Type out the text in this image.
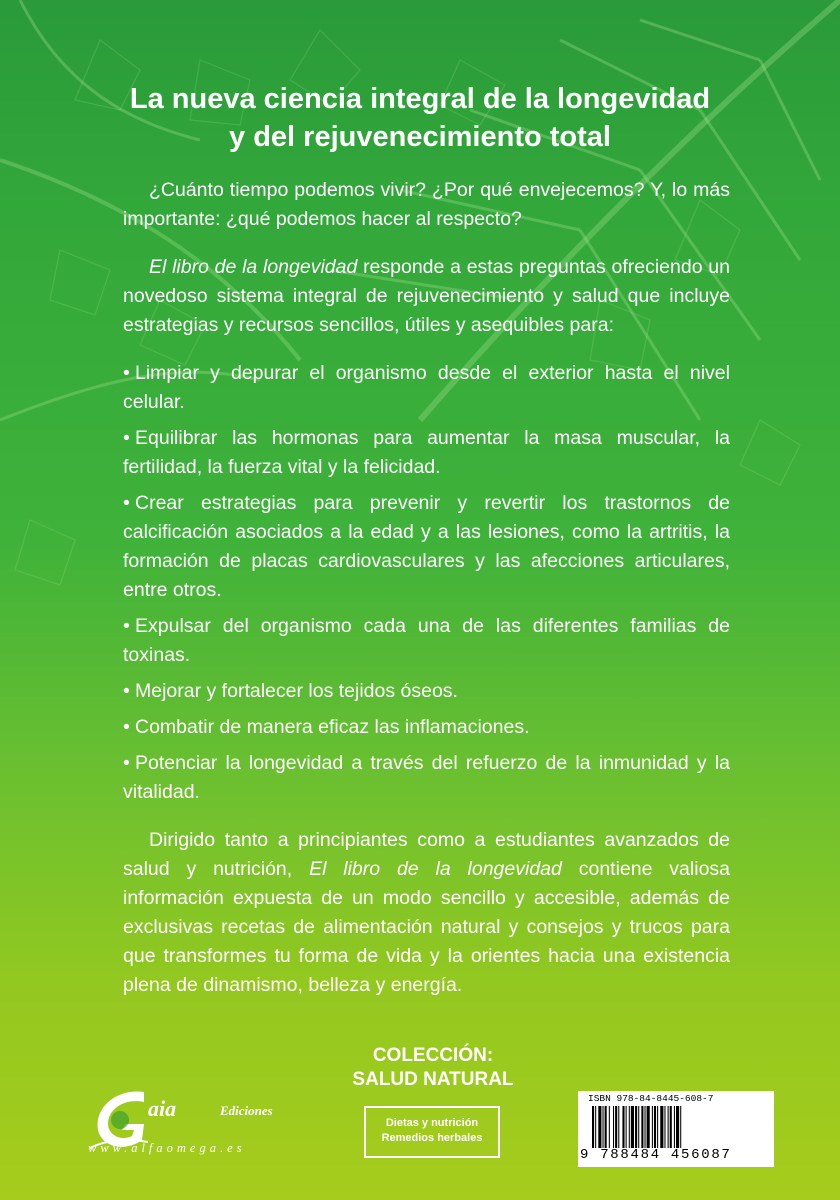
La nueva ciencia integral de la longevidad
y del rejuvenecimiento total

¿Cuánto tiempo podemos vivir? ¿Por qué envejecemos? Y, lo más importante: ¿qué podemos hacer al respecto?

El libro de la longevidad responde a estas preguntas ofreciendo un novedoso sistema integral de rejuvenecimiento y salud que incluye estrategias y recursos sencillos, útiles y asequibles para:

• Limpiar y depurar el organismo desde el exterior hasta el nivel celular.
• Equilibrar las hormonas para aumentar la masa muscular, la fertilidad, la fuerza vital y la felicidad.
• Crear estrategias para prevenir y revertir los trastornos de calcificación asociados a la edad y a las lesiones, como la artritis, la formación de placas cardiovasculares y las afecciones articulares, entre otros.
• Expulsar del organismo cada una de las diferentes familias de toxinas.
• Mejorar y fortalecer los tejidos óseos.
• Combatir de manera eficaz las inflamaciones.
• Potenciar la longevidad a través del refuerzo de la inmunidad y la vitalidad.

Dirigido tanto a principiantes como a estudiantes avanzados de salud y nutrición, El libro de la longevidad contiene valiosa información expuesta de un modo sencillo y accesible, además de exclusivas recetas de alimentación natural y consejos y trucos para que transformes tu forma de vida y la orientes hacia una existencia plena de dinamismo, belleza y energía.

aia	Ediciones
www.alfaomega.es
COLECCIÓN:
SALUD NATURAL
Dietas y nutrición
Remedios herbales
ISBN 978-84-8445-608-7
9 788484 456087
